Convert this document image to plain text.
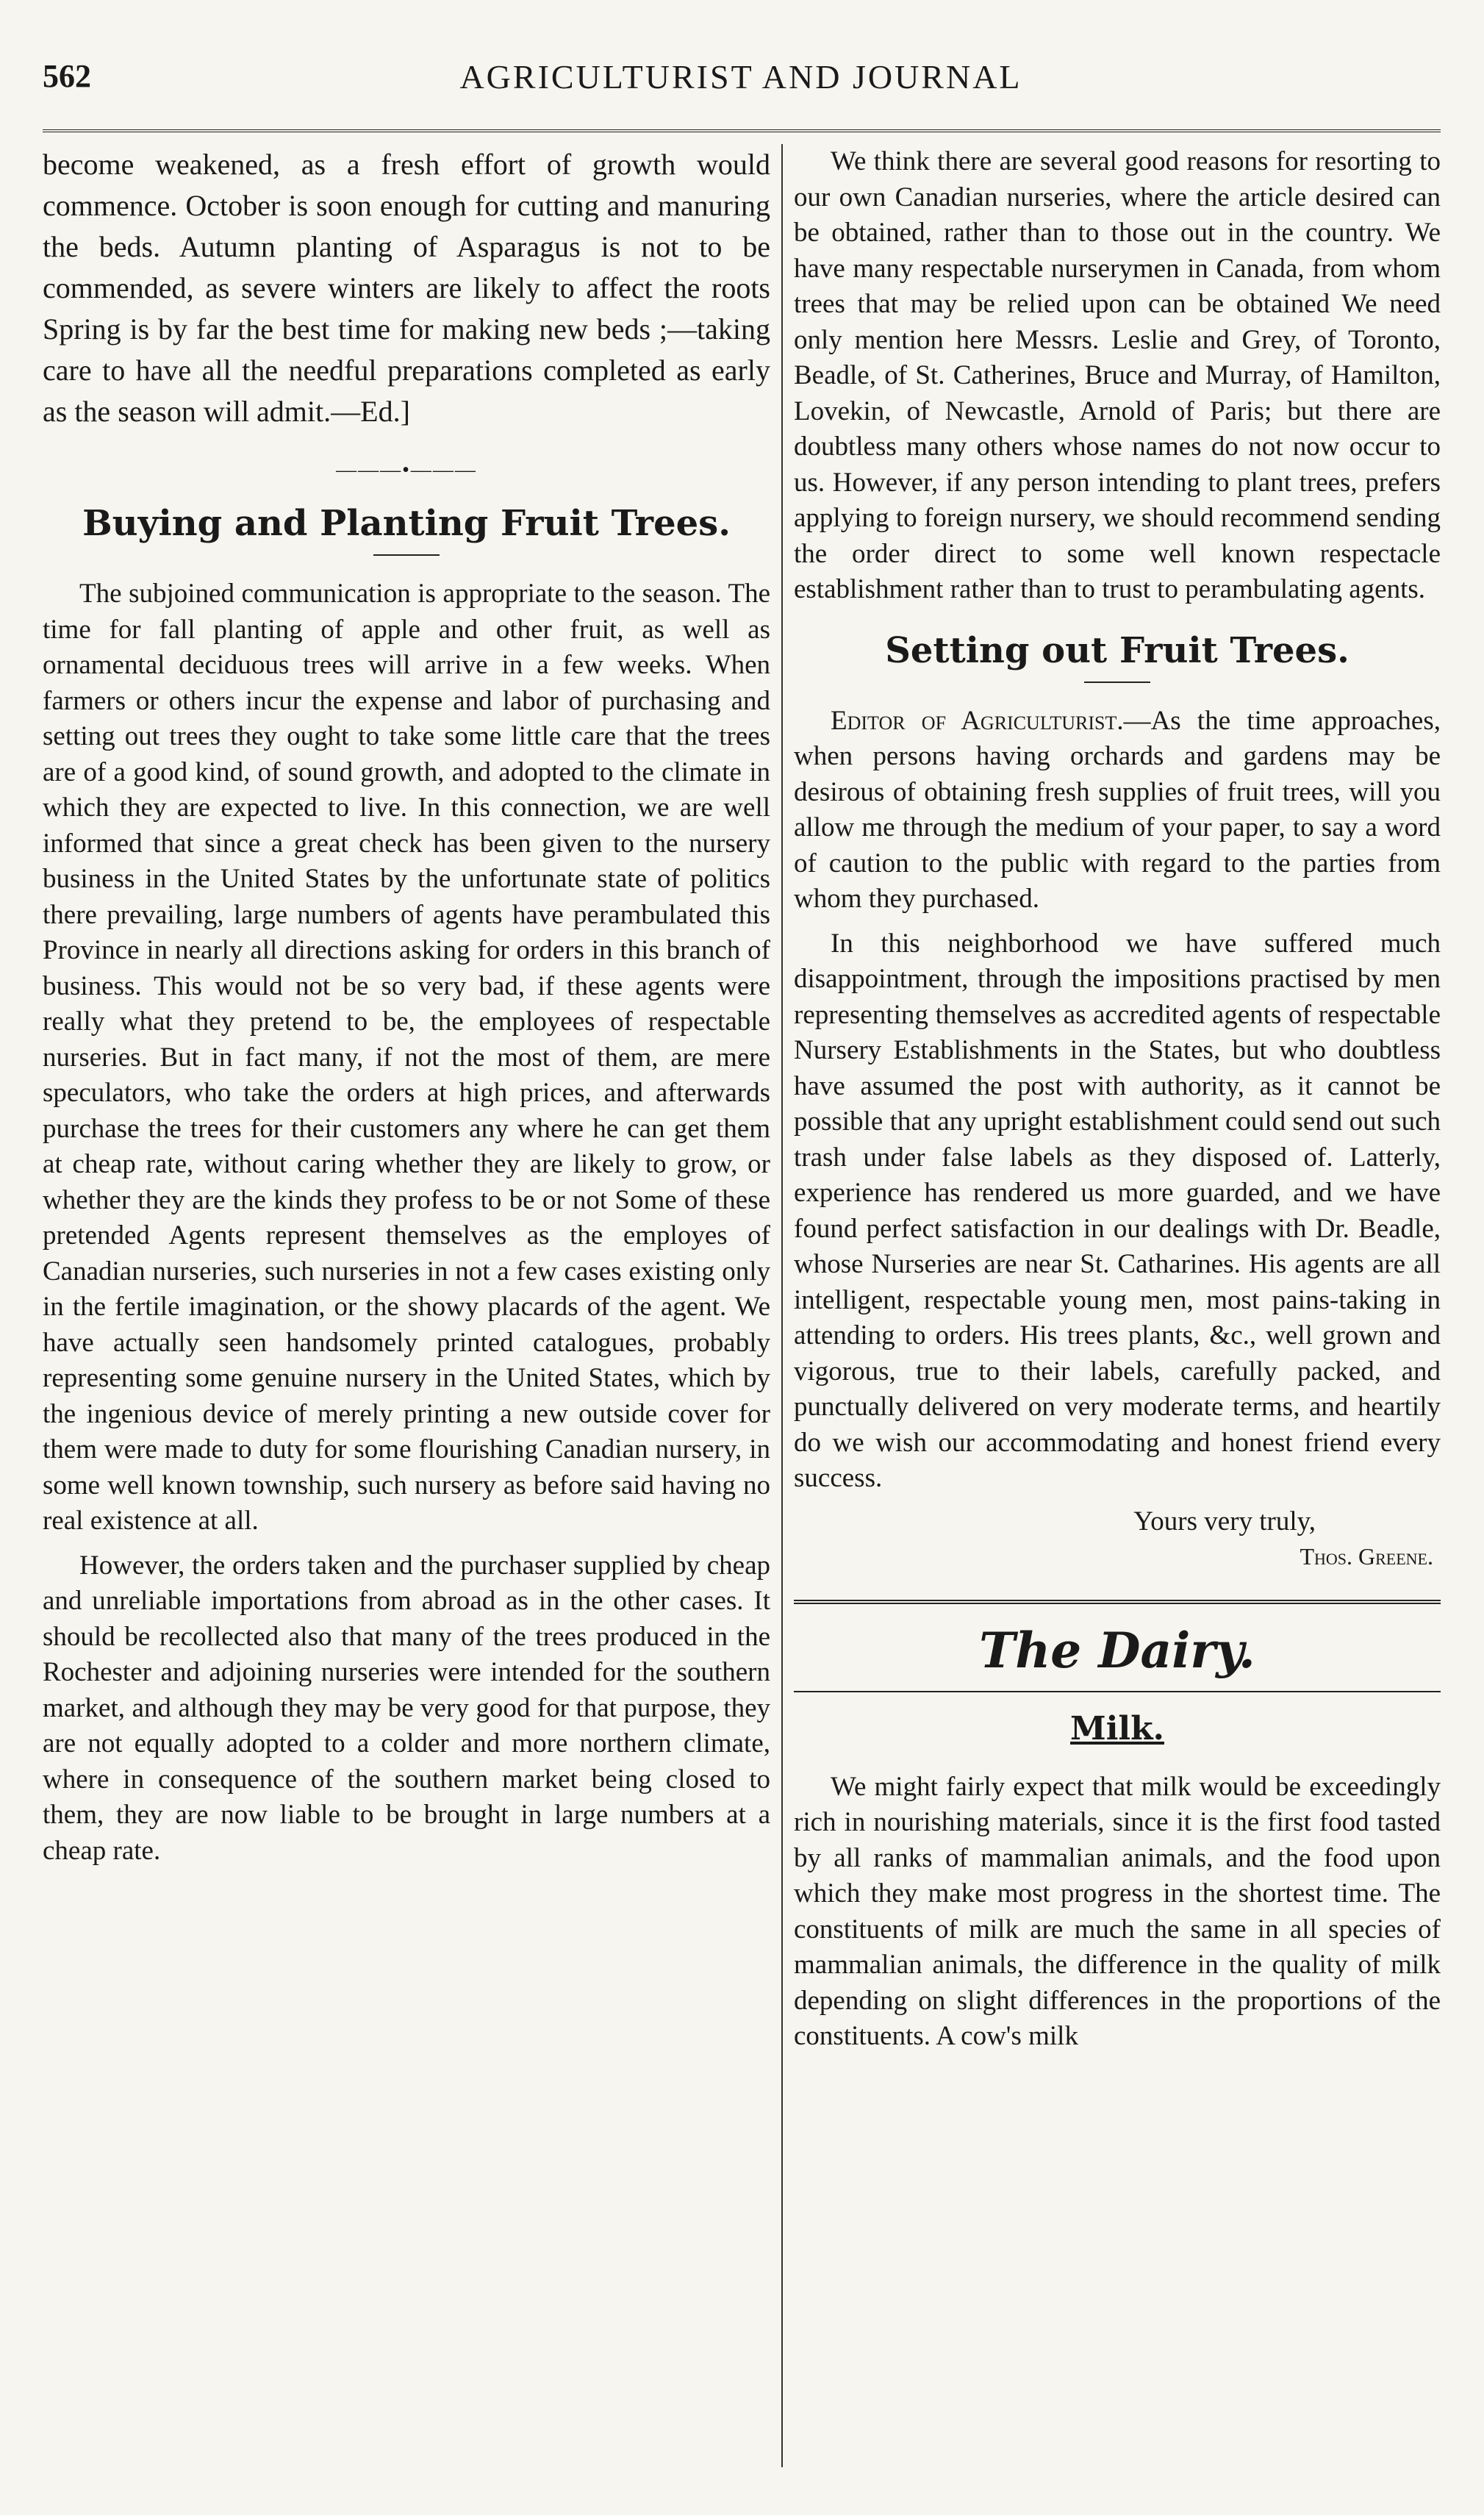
562	AGRICULTURIST AND JOURNAL

become weakened, as a fresh effort of growth would commence. October is soon enough for cutting and manuring the beds. Autumn planting of Asparagus is not to be commended, as severe winters are likely to affect the roots Spring is by far the best time for making new beds ;—taking care to have all the needful preparations completed as early as the season will admit.—Ed.]

———•———
Buying and Planting Fruit Trees.

The subjoined communication is appropriate to the season. The time for fall planting of apple and other fruit, as well as ornamental deciduous trees will arrive in a few weeks. When farmers or others incur the expense and labor of purchasing and setting out trees they ought to take some little care that the trees are of a good kind, of sound growth, and adopted to the climate in which they are expected to live. In this connection, we are well informed that since a great check has been given to the nursery business in the United States by the unfortunate state of politics there prevailing, large numbers of agents have perambulated this Province in nearly all directions asking for orders in this branch of business. This would not be so very bad, if these agents were really what they pretend to be, the employees of respectable nurseries. But in fact many, if not the most of them, are mere speculators, who take the orders at high prices, and afterwards purchase the trees for their customers any where he can get them at cheap rate, without caring whether they are likely to grow, or whether they are the kinds they profess to be or not Some of these pretended Agents represent themselves as the employes of Canadian nurseries, such nurseries in not a few cases existing only in the fertile imagination, or the showy placards of the agent. We have actually seen handsomely printed catalogues, probably representing some genuine nursery in the United States, which by the ingenious device of merely printing a new outside cover for them were made to duty for some flourishing Canadian nursery, in some well known township, such nursery as before said having no real existence at all.

However, the orders taken and the purchaser supplied by cheap and unreliable importations from abroad as in the other cases. It should be recollected also that many of the trees produced in the Rochester and adjoining nurseries were intended for the southern market, and although they may be very good for that purpose, they are not equally adopted to a colder and more northern climate, where in consequence of the southern market being closed to them, they are now liable to be brought in large numbers at a cheap rate.

We think there are several good reasons for resorting to our own Canadian nurseries, where the article desired can be obtained, rather than to those out in the country. We have many respectable nurserymen in Canada, from whom trees that may be relied upon can be obtained We need only mention here Messrs. Leslie and Grey, of Toronto, Beadle, of St. Catherines, Bruce and Murray, of Hamilton, Lovekin, of Newcastle, Arnold of Paris; but there are doubtless many others whose names do not now occur to us. However, if any person intending to plant trees, prefers applying to foreign nursery, we should recommend sending the order direct to some well known respectacle establishment rather than to trust to perambulating agents.

Setting out Fruit Trees.

Editor of Agriculturist.—As the time approaches, when persons having orchards and gardens may be desirous of obtaining fresh supplies of fruit trees, will you allow me through the medium of your paper, to say a word of caution to the public with regard to the parties from whom they purchased.

In this neighborhood we have suffered much disappointment, through the impositions practised by men representing themselves as accredited agents of respectable Nursery Establishments in the States, but who doubtless have assumed the post with authority, as it cannot be possible that any upright establishment could send out such trash under false labels as they disposed of. Latterly, experience has rendered us more guarded, and we have found perfect satisfaction in our dealings with Dr. Beadle, whose Nurseries are near St. Catharines. His agents are all intelligent, respectable young men, most pains-taking in attending to orders. His trees plants, &c., well grown and vigorous, true to their labels, carefully packed, and punctually delivered on very moderate terms, and heartily do we wish our accommodating and honest friend every success.

Yours very truly,
Thos. Greene.
The Dairy.
Milk.

We might fairly expect that milk would be exceedingly rich in nourishing materials, since it is the first food tasted by all ranks of mammalian animals, and the food upon which they make most progress in the shortest time. The constituents of milk are much the same in all species of mammalian animals, the difference in the quality of milk depending on slight differences in the proportions of the constituents. A cow's milk
